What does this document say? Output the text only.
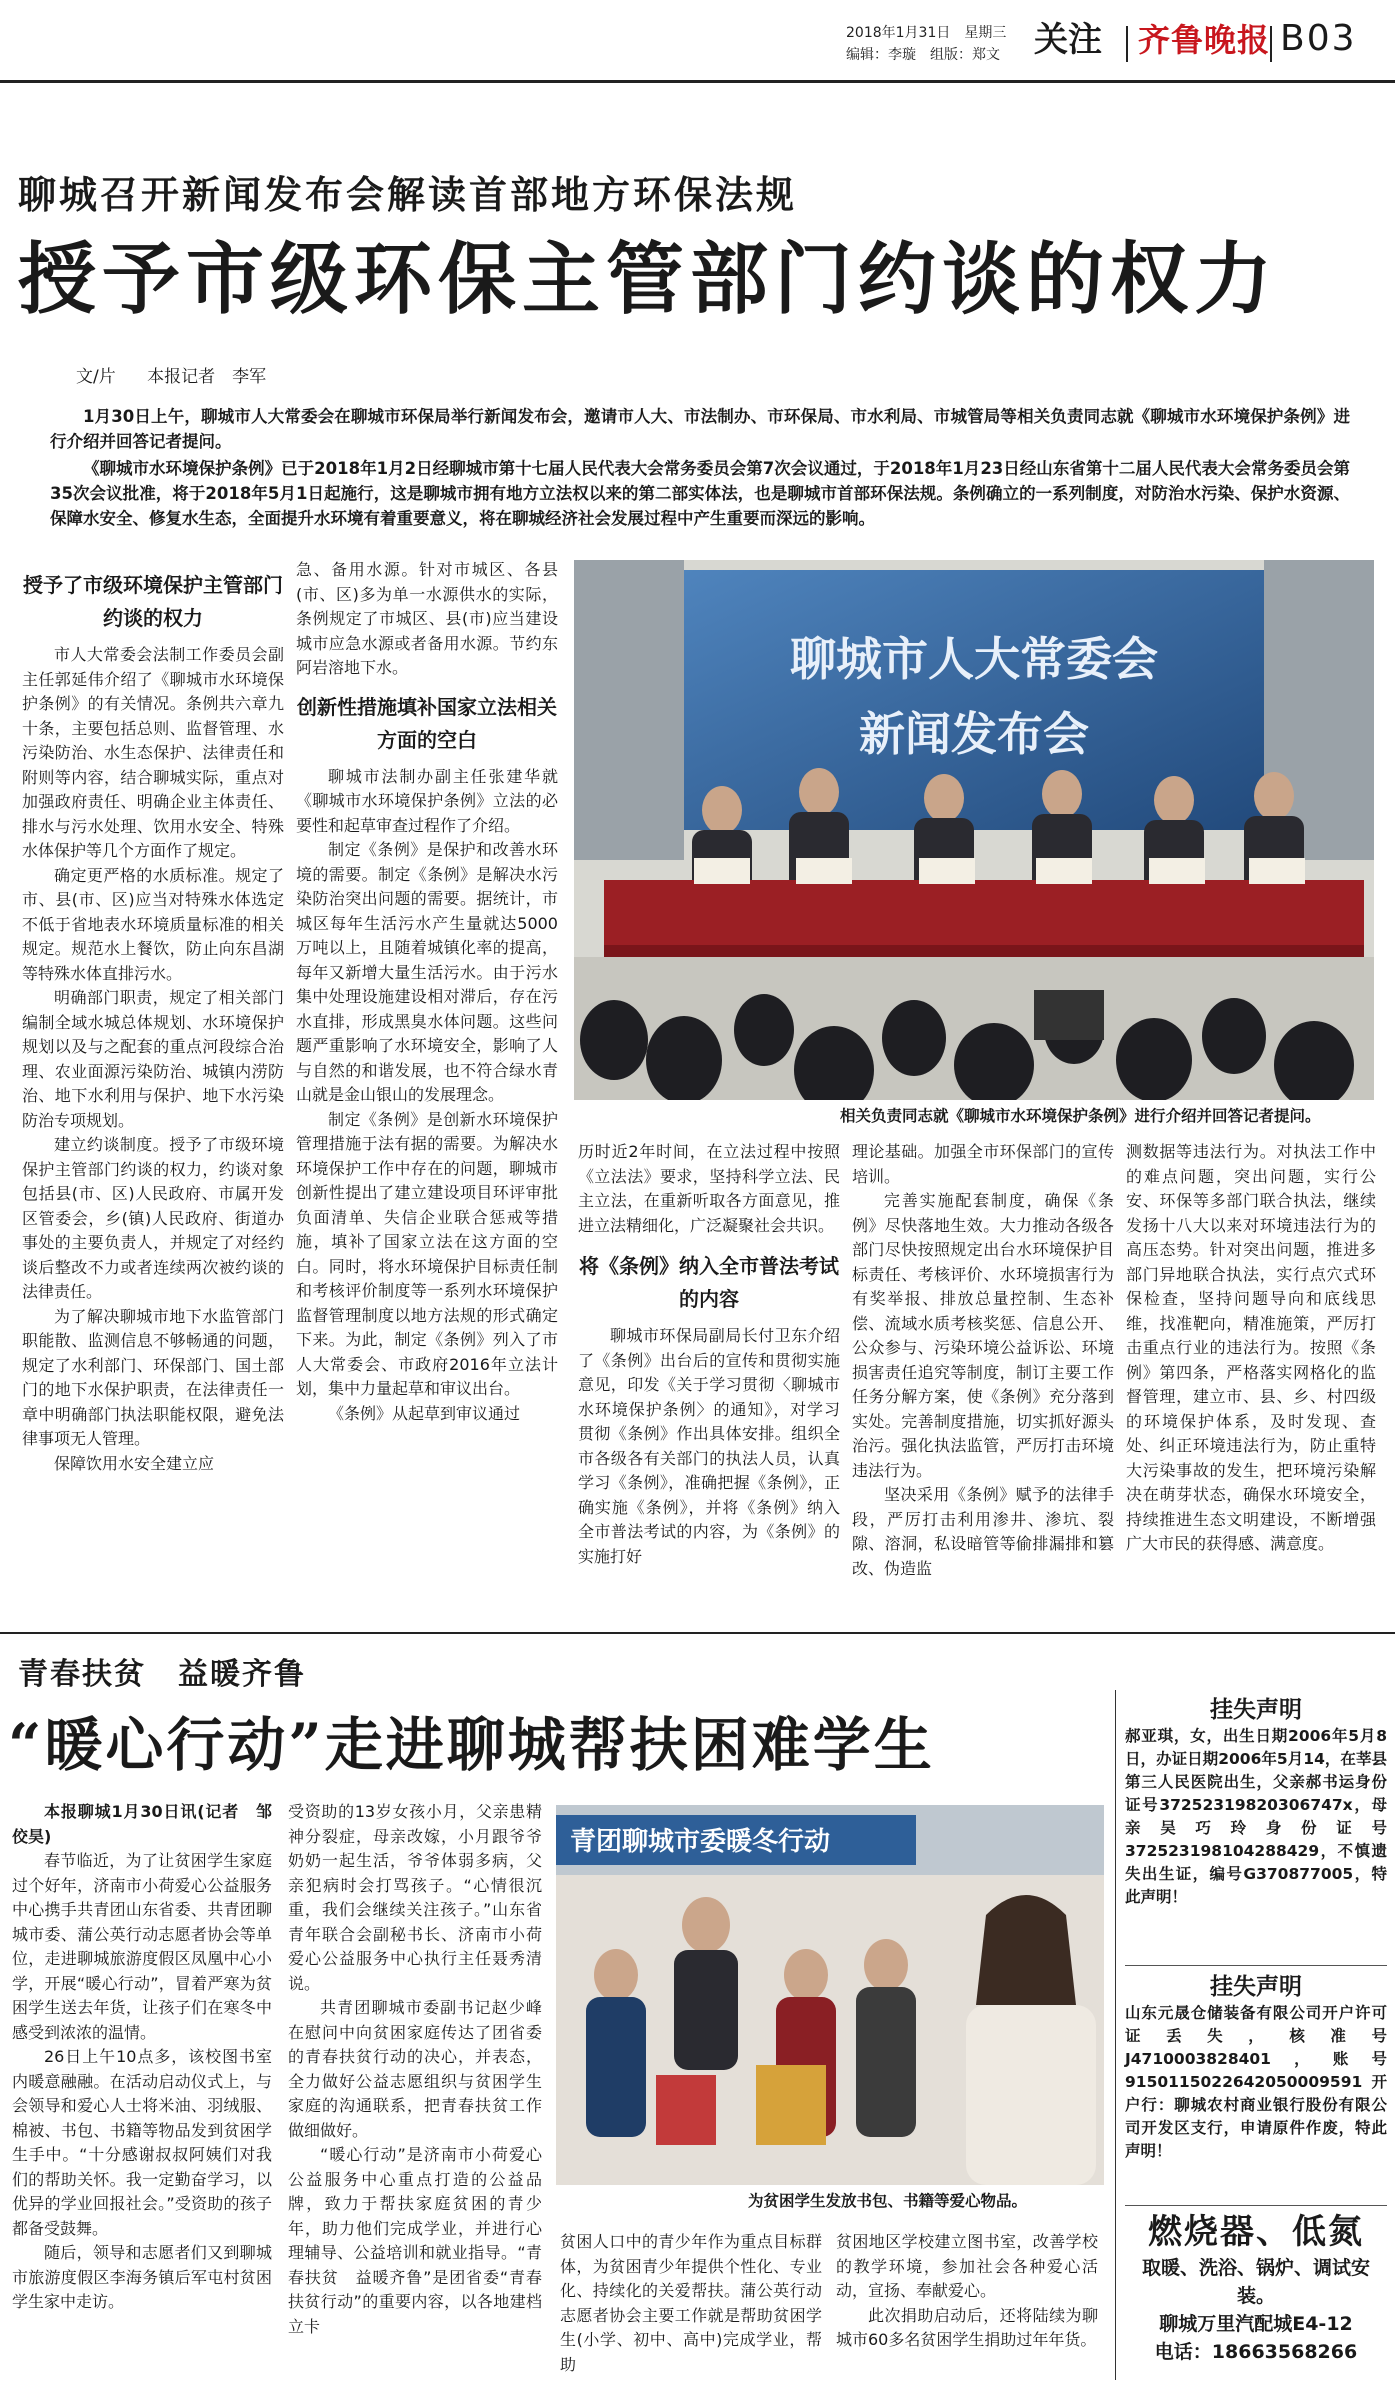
2018年1月31日　 星期三
编辑：李璇　 组版：郑文	关注 齐鲁晚报 B03
聊城召开新闻发布会解读首部地方环保法规
授予市级环保主管部门约谈的权力
文/片 本报记者　李军
1月30日上午，聊城市人大常委会在聊城市环保局举行新闻发布会，邀请市人大、市法制办、市环保局、市水利局、市城管局等相关负责同志就《聊城市水环境保护条例》进行介绍并回答记者提问。
《聊城市水环境保护条例》已于2018年1月2日经聊城市第十七届人民代表大会常务委员会第7次会议通过，于2018年1月23日经山东省第十二届人民代表大会常务委员会第35次会议批准，将于2018年5月1日起施行，这是聊城市拥有地方立法权以来的第二部实体法，也是聊城市首部环保法规。条例确立的一系列制度，对防治水污染、保护水资源、保障水安全、修复水生态，全面提升水环境有着重要意义，将在聊城经济社会发展过程中产生重要而深远的影响。
授予了市级环境保护主管部门约谈的权力

市人大常委会法制工作委员会副主任郭延伟介绍了《聊城市水环境保护条例》的有关情况。条例共六章九十条，主要包括总则、监督管理、水污染防治、水生态保护、法律责任和附则等内容，结合聊城实际，重点对加强政府责任、明确企业主体责任、排水与污水处理、饮用水安全、特殊水体保护等几个方面作了规定。

确定更严格的水质标准。规定了市、县(市、区)应当对特殊水体选定不低于省地表水环境质量标准的相关规定。规范水上餐饮，防止向东昌湖等特殊水体直排污水。

明确部门职责，规定了相关部门编制全域水城总体规划、水环境保护规划以及与之配套的重点河段综合治理、农业面源污染防治、城镇内涝防治、地下水利用与保护、地下水污染防治专项规划。

建立约谈制度。授予了市级环境保护主管部门约谈的权力，约谈对象包括县(市、区)人民政府、市属开发区管委会，乡(镇)人民政府、街道办事处的主要负责人，并规定了对经约谈后整改不力或者连续两次被约谈的法律责任。

为了解决聊城市地下水监管部门职能散、监测信息不够畅通的问题，规定了水利部门、环保部门、国土部门的地下水保护职责，在法律责任一章中明确部门执法职能权限，避免法律事项无人管理。

保障饮用水安全建立应

急、备用水源。针对市城区、各县(市、区)多为单一水源供水的实际，条例规定了市城区、县(市)应当建设城市应急水源或者备用水源。节约东阿岩溶地下水。

创新性措施填补国家立法相关方面的空白

聊城市法制办副主任张建华就《聊城市水环境保护条例》立法的必要性和起草审查过程作了介绍。

制定《条例》是保护和改善水环境的需要。制定《条例》是解决水污染防治突出问题的需要。据统计，市城区每年生活污水产生量就达5000万吨以上，且随着城镇化率的提高，每年又新增大量生活污水。由于污水集中处理设施建设相对滞后，存在污水直排，形成黑臭水体问题。这些问题严重影响了水环境安全，影响了人与自然的和谐发展，也不符合绿水青山就是金山银山的发展理念。

制定《条例》是创新水环境保护管理措施于法有据的需要。为解决水环境保护工作中存在的问题，聊城市创新性提出了建立建设项目环评审批负面清单、失信企业联合惩戒等措施，填补了国家立法在这方面的空白。同时，将水环境保护目标责任制和考核评价制度等一系列水环境保护监督管理制度以地方法规的形式确定下来。为此，制定《条例》列入了市人大常委会、市政府2016年立法计划，集中力量起草和审议出台。

《条例》从起草到审议通过

聊城市人大常委会
新闻发布会
相关负责同志就《聊城市水环境保护条例》进行介绍并回答记者提问。

历时近2年时间，在立法过程中按照《立法法》要求，坚持科学立法、民主立法，在重新听取各方面意见，推进立法精细化，广泛凝聚社会共识。

将《条例》纳入全市普法考试的内容

聊城市环保局副局长付卫东介绍了《条例》出台后的宣传和贯彻实施意见，印发《关于学习贯彻〈聊城市水环境保护条例〉的通知》，对学习贯彻《条例》作出具体安排。组织全市各级各有关部门的执法人员，认真学习《条例》，准确把握《条例》，正确实施《条例》，并将《条例》纳入全市普法考试的内容，为《条例》的实施打好

理论基础。加强全市环保部门的宣传培训。

完善实施配套制度，确保《条例》尽快落地生效。大力推动各级各部门尽快按照规定出台水环境保护目标责任、考核评价、水环境损害行为有奖举报、排放总量控制、生态补偿、流域水质考核奖惩、信息公开、公众参与、污染环境公益诉讼、环境损害责任追究等制度，制订主要工作任务分解方案，使《条例》充分落到实处。完善制度措施，切实抓好源头治污。强化执法监管，严厉打击环境违法行为。

坚决采用《条例》赋予的法律手段，严厉打击利用渗井、渗坑、裂隙、溶洞，私设暗管等偷排漏排和篡改、伪造监

测数据等违法行为。对执法工作中的难点问题，突出问题，实行公安、环保等多部门联合执法，继续发扬十八大以来对环境违法行为的高压态势。针对突出问题，推进多部门异地联合执法，实行点穴式环保检查，坚持问题导向和底线思维，找准靶向，精准施策，严厉打击重点行业的违法行为。按照《条例》第四条，严格落实网格化的监督管理，建立市、县、乡、村四级的环境保护体系，及时发现、查处、纠正环境违法行为，防止重特大污染事故的发生，把环境污染解决在萌芽状态，确保水环境安全，持续推进生态文明建设，不断增强广大市民的获得感、满意度。

青春扶贫　益暖齐鲁
“暖心行动”走进聊城帮扶困难学生

本报聊城1月30日讯(记者　邹佼昊)

春节临近，为了让贫困学生家庭过个好年，济南市小荷爱心公益服务中心携手共青团山东省委、共青团聊城市委、蒲公英行动志愿者协会等单位，走进聊城旅游度假区凤凰中心小学，开展“暖心行动”，冒着严寒为贫困学生送去年货，让孩子们在寒冬中感受到浓浓的温情。

26日上午10点多，该校图书室内暖意融融。在活动启动仪式上，与会领导和爱心人士将米油、羽绒服、棉被、书包、书籍等物品发到贫困学生手中。“十分感谢叔叔阿姨们对我们的帮助关怀。我一定勤奋学习，以优异的学业回报社会。”受资助的孩子都备受鼓舞。

随后，领导和志愿者们又到聊城市旅游度假区李海务镇后军屯村贫困学生家中走访。

受资助的13岁女孩小月，父亲患精神分裂症，母亲改嫁，小月跟爷爷奶奶一起生活，爷爷体弱多病，父亲犯病时会打骂孩子。“心情很沉重，我们会继续关注孩子。”山东省青年联合会副秘书长、济南市小荷爱心公益服务中心执行主任聂秀清说。

共青团聊城市委副书记赵少峰在慰问中向贫困家庭传达了团省委的青春扶贫行动的决心，并表态，全力做好公益志愿组织与贫困学生家庭的沟通联系，把青春扶贫工作做细做好。

“暖心行动”是济南市小荷爱心公益服务中心重点打造的公益品牌，致力于帮扶家庭贫困的青少年，助力他们完成学业，并进行心理辅导、公益培训和就业指导。“青春扶贫　益暖齐鲁”是团省委“青春扶贫行动”的重要内容，以各地建档立卡

青团聊城市委暖冬行动
为贫困学生发放书包、书籍等爱心物品。

贫困人口中的青少年作为重点目标群体，为贫困青少年提供个性化、专业化、持续化的关爱帮扶。蒲公英行动志愿者协会主要工作就是帮助贫困学生(小学、初中、高中)完成学业，帮助

贫困地区学校建立图书室，改善学校的教学环境，参加社会各种爱心活动，宣扬、奉献爱心。

此次捐助启动后，还将陆续为聊城市60多名贫困学生捐助过年年货。

挂失声明
郝亚琪，女，出生日期2006年5月8日，办证日期2006年5月14，在莘县第三人民医院出生，父亲郝书运身份证号372523198203067​47x，母亲吴巧玲身份证号372523198104288429，不慎遗失出生证，编号G370877005，特此声明！
挂失声明
山东元晟仓储装备有限公司开户许可证丢失，核准号J4710003828401，账号9150115022642050009591开户行：聊城农村商业银行股份有限公司开发区支行，申请原件作废，特此声明！
燃烧器、低氮
取暖、洗浴、锅炉、调试安装。
聊城万里汽配城E4-12
电话：18663568266
